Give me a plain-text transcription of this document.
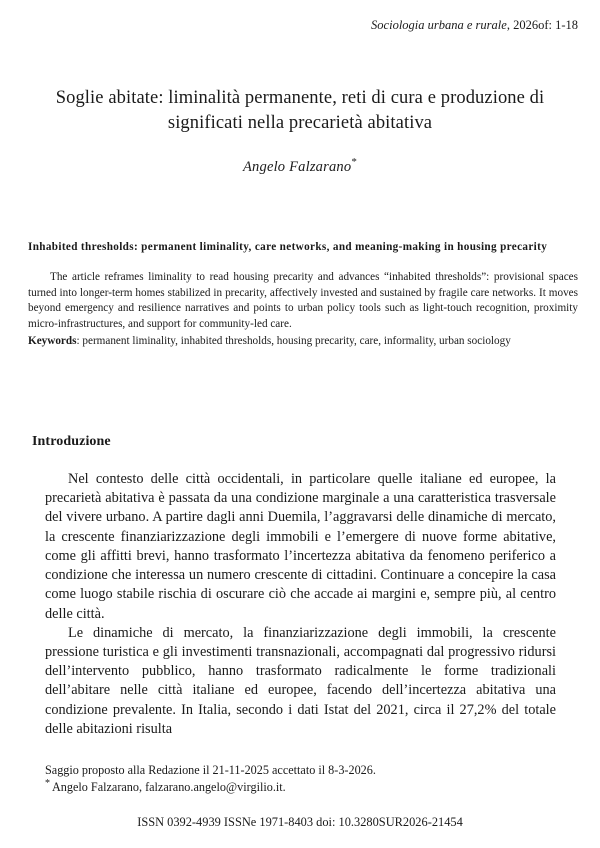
Sociologia urbana e rurale, 2026of: 1-18
Soglie abitate: liminalità permanente, reti di cura e produzione di significati nella precarietà abitativa
Angelo Falzarano*

Inhabited thresholds: permanent liminality, care networks, and meaning-making in housing precarity

The article reframes liminality to read housing precarity and advances “inhabited thresholds”: provisional spaces turned into longer-term homes stabilized in precarity, affectively invested and sustained by fragile care networks. It moves beyond emergency and resilience narratives and points to urban policy tools such as light-touch recognition, proximity micro-infrastructures, and support for community-led care.

Keywords: permanent liminality, inhabited thresholds, housing precarity, care, informality, urban sociology

Introduzione

Nel contesto delle città occidentali, in particolare quelle italiane ed europee, la precarietà abitativa è passata da una condizione marginale a una caratteristica trasversale del vivere urbano. A partire dagli anni Duemila, l’aggravarsi delle dinamiche di mercato, la crescente finanziarizzazione degli immobili e l’emergere di nuove forme abitative, come gli affitti brevi, hanno trasformato l’incertezza abitativa da fenomeno periferico a condizione che interessa un numero crescente di cittadini. Continuare a concepire la casa come luogo stabile rischia di oscurare ciò che accade ai margini e, sempre più, al centro delle città.

Le dinamiche di mercato, la finanziarizzazione degli immobili, la crescente pressione turistica e gli investimenti transnazionali, accompagnati dal progressivo ridursi dell’intervento pubblico, hanno trasformato radicalmente le forme tradizionali dell’abitare nelle città italiane ed europee, facendo dell’incertezza abitativa una condizione prevalente. In Italia, secondo i dati Istat del 2021, circa il 27,2% del totale delle abitazioni risulta

Saggio proposto alla Redazione il 21-11-2025 accettato il 8-3-2026.

* Angelo Falzarano, falzarano.angelo@virgilio.it.

ISSN 0392-4939 ISSNe 1971-8403 doi: 10.3280SUR2026-21454
